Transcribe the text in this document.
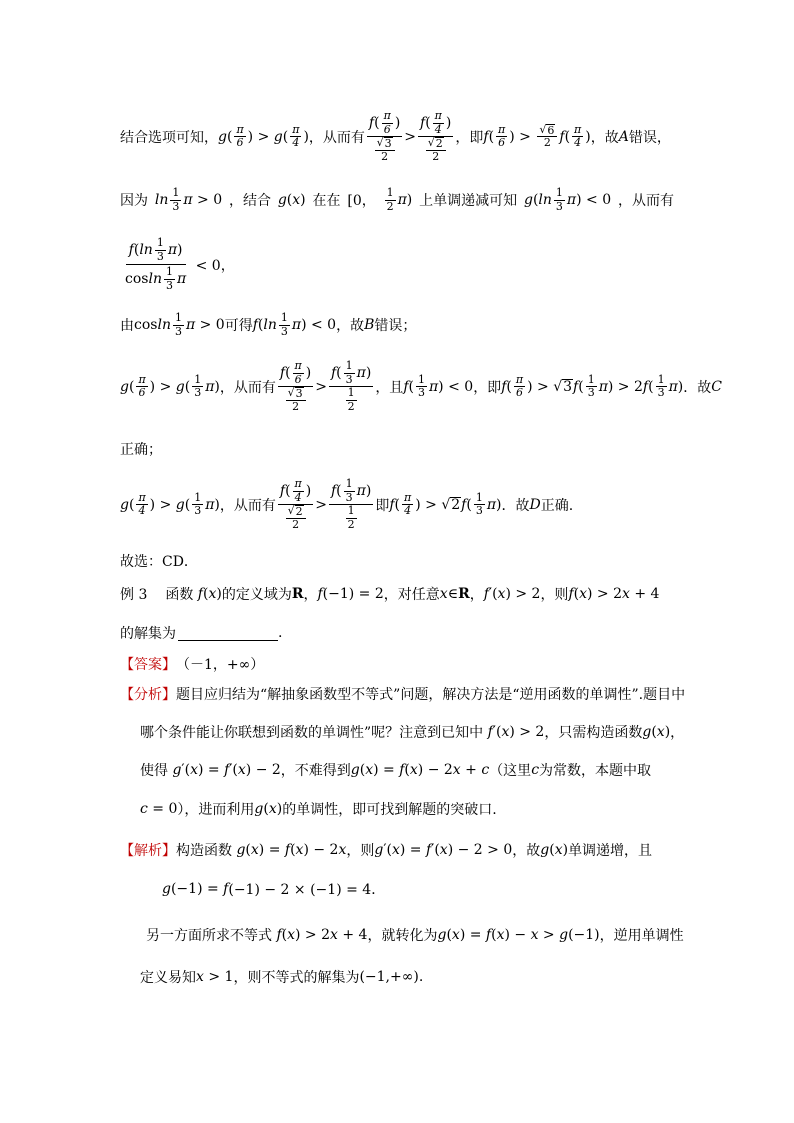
结合选项可知， g ( $\frac{\pi}{6}$ ) > g ( $\frac{\pi}{4}$ ) ，从而有 $\frac{f ( \frac{\pi}{6} )}{\frac{√ 3}{2}} > \frac{f ( \frac{\pi}{4} )}{\frac{√ 2}{2}}$ ，即 f ( $\frac{\pi}{6}$ ) > $\frac{√ 6}{2}$ f ( $\frac{\pi}{4}$ ) ，故 A 错误，
因为 $\ln \frac{1}{3}$ π > 0 ，结合 g(x) 在在 [0， $\frac{1}{2} \pi$) 上单调递减可知 $g(\ln \frac{1}{3} \pi) < 0$ ，从而有
$\frac{f ( \ln \frac{1}{3} \pi )}{\cos \ln \frac{1}{3} \pi} < 0$，
由 cosln $\frac{1}{3}$ π > 0 可得 $f(\ln \frac{1}{3} \pi) < 0$ ，故 B 错误；
g ( $\frac{\pi}{6}$ ) > g ( $\frac{1}{3}$ π ) ，从而有 $\frac{f ( \frac{\pi}{6} )}{\frac{√ 3}{2}} > \frac{f ( \frac{1}{3} \pi )}{\frac{1}{2}}$ ，且 f ( $\frac{1}{3}$ π ) < 0 ，即 f ( $\frac{\pi}{6}$ ) > √ 3 f ( $\frac{1}{3}$ π ) > 2 f ( $\frac{1}{3}$ π ) ．故 C
正确；
g ( $\frac{\pi}{4}$ ) > g ( $\frac{1}{3}$ π ) ，从而有 $\frac{f ( \frac{\pi}{4} )}{\frac{√ 2}{2}} > \frac{f ( \frac{1}{3} \pi )}{\frac{1}{2}}$ 即 f ( $\frac{\pi}{4}$ ) > √ 2 f ( $\frac{1}{3}$ π ) ．故 D 正确.
故选：CD．
例 3 函数 f ( x ) 的定义域为 R ， f (−1) = 2 ，对任意 x ∈ R ， f ′( x ) > 2 ，则 f ( x ) > 2 x + 4
的解集为	.
【答案】 （－1，+∞）
【分析】 题目应归结为“解抽象函数型不等式”问题，解决方法是“逆用函数的单调性”.题目中
哪个条件能让你联想到函数的单调性”呢？注意到已知中 f ′( x ) > 2 ，只需构造函数 g ( x ) ，
使得 g ′( x ) = f ′( x ) − 2 ，不难得到 g ( x ) = f ( x ) − 2 x + c （这里 c 为常数，本题中取
c = 0 ），进而利用 g ( x ) 的单调性，即可找到解题的突破口.
【解析】 构造函数 g ( x ) = f ( x ) − 2 x ，则 g ′( x ) = f ′( x ) − 2 > 0 ，故 g ( x ) 单调递增，且
g (−1) = f (−1) − 2 × (−1) = 4．
另一方面所求不等式 f ( x ) > 2 x + 4 ，就转化为 g ( x ) = f ( x ) − x > g (−1) ，逆用单调性
定义易知 x > 1 ，则不等式的解集为 (−1,+∞) .
